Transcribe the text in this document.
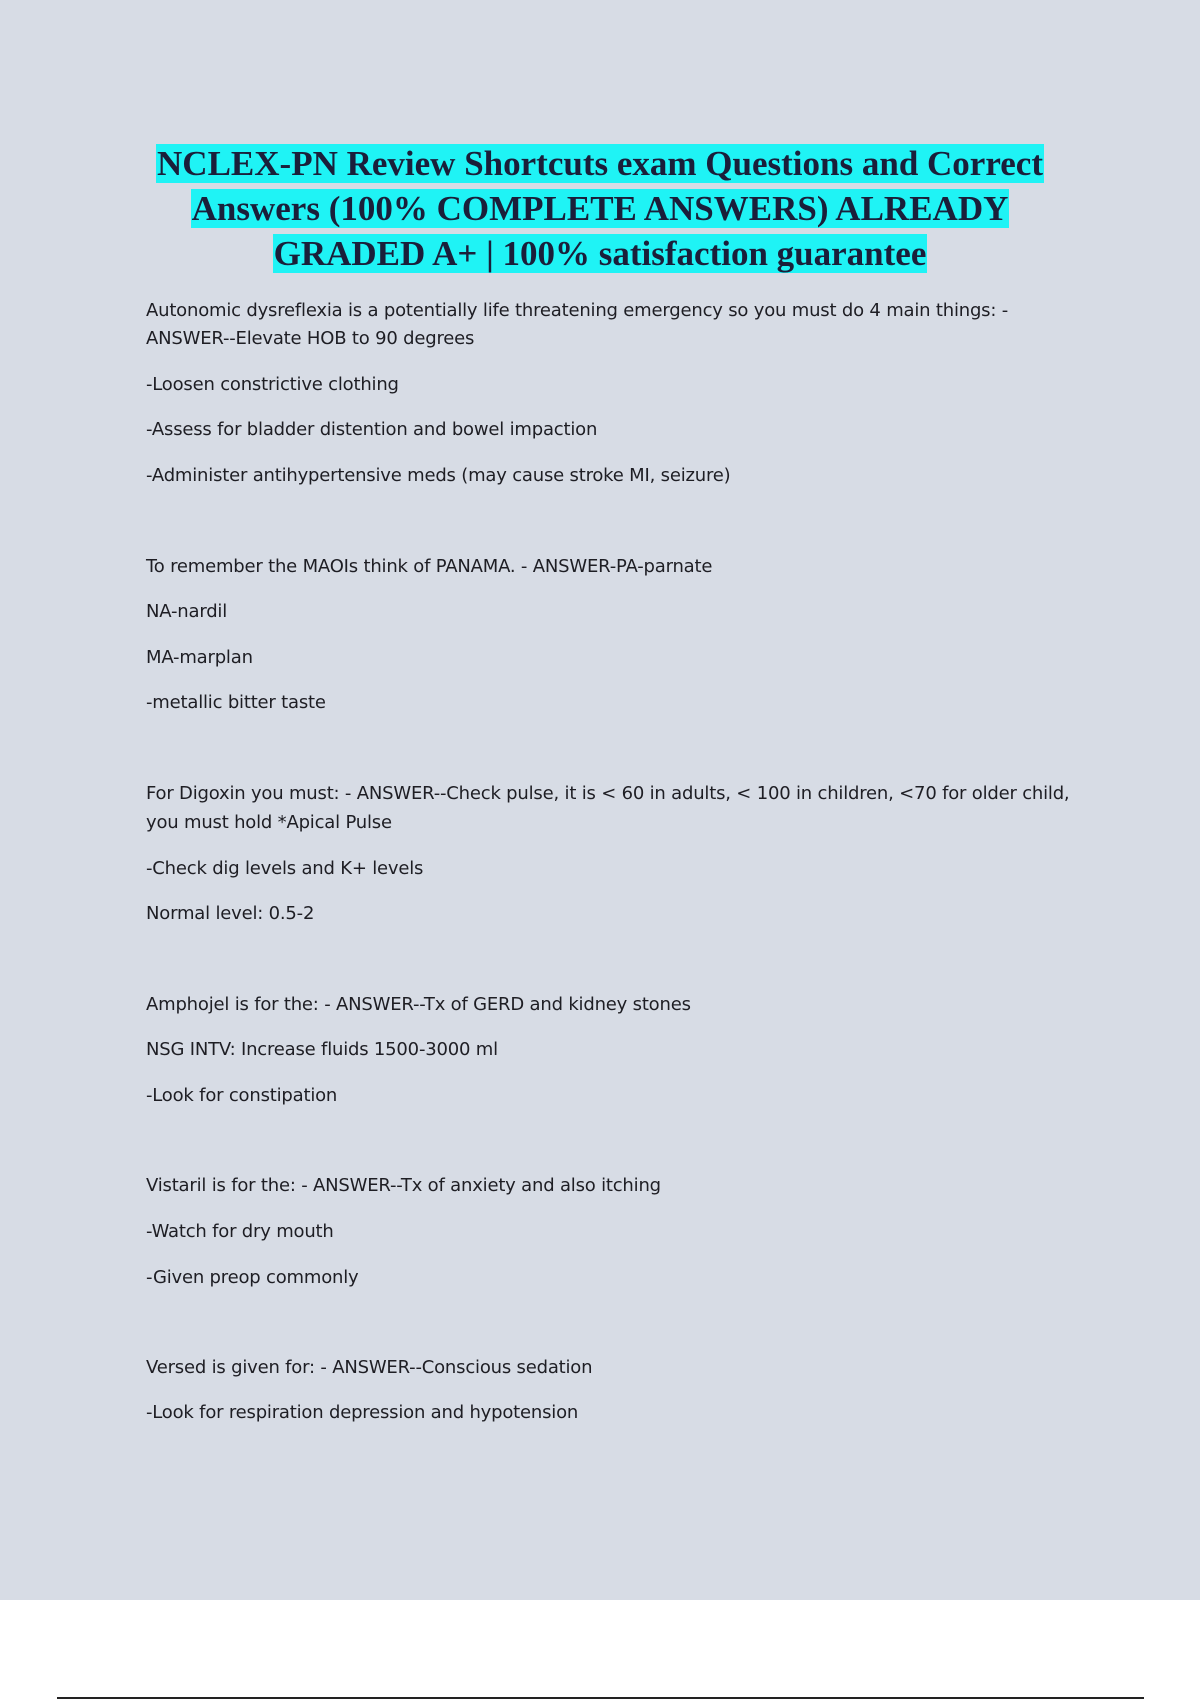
NCLEX-PN Review Shortcuts exam Questions and Correct
Answers (100% COMPLETE ANSWERS) ALREADY
GRADED A+ | 100% satisfaction guarantee
Autonomic dysreflexia is a potentially life threatening emergency so you must do 4 main things: -
ANSWER--Elevate HOB to 90 degrees
-Loosen constrictive clothing
-Assess for bladder distention and bowel impaction
-Administer antihypertensive meds (may cause stroke MI, seizure)
To remember the MAOIs think of PANAMA. - ANSWER-PA-parnate
NA-nardil
MA-marplan
-metallic bitter taste
For Digoxin you must: - ANSWER--Check pulse, it is < 60 in adults, < 100 in children, <70 for older child,
you must hold *Apical Pulse
-Check dig levels and K+ levels
Normal level: 0.5-2
Amphojel is for the: - ANSWER--Tx of GERD and kidney stones
NSG INTV: Increase fluids 1500-3000 ml
-Look for constipation
Vistaril is for the: - ANSWER--Tx of anxiety and also itching
-Watch for dry mouth
-Given preop commonly
Versed is given for: - ANSWER--Conscious sedation
-Look for respiration depression and hypotension
